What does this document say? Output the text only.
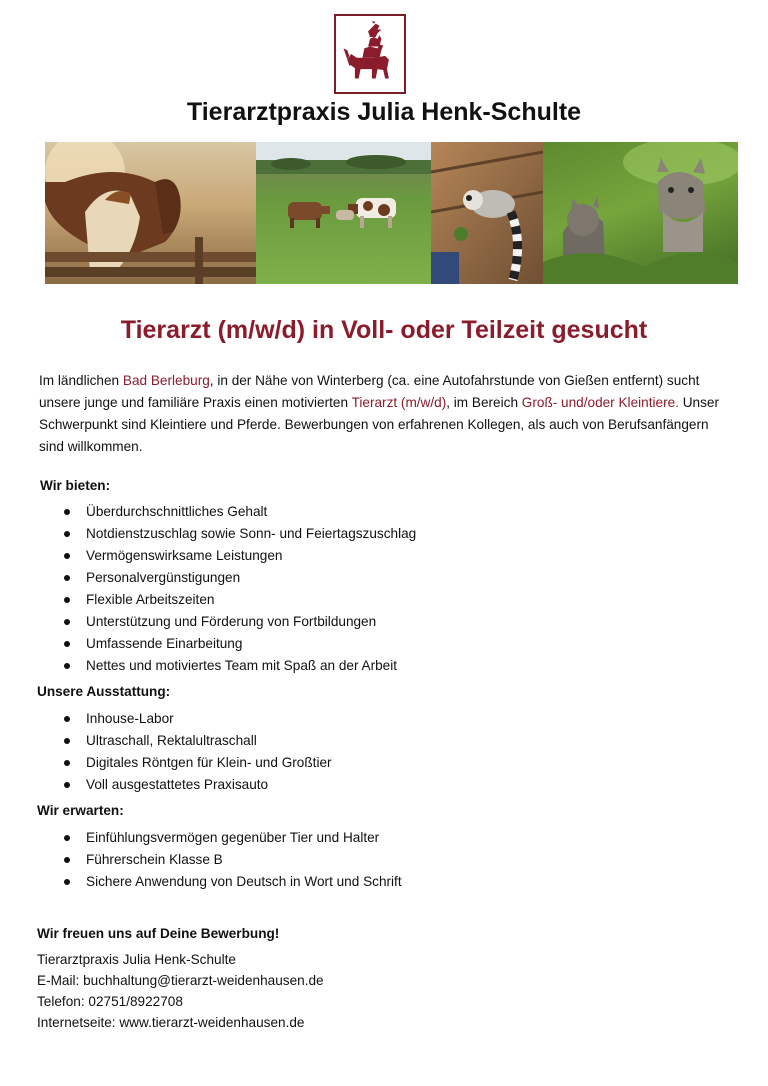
Tierarztpraxis Julia Henk-Schulte
Tierarzt (m/w/d) in Voll- oder Teilzeit gesucht
Im ländlichen Bad Berleburg, in der Nähe von Winterberg (ca. eine Autofahrstunde von Gießen entfernt) sucht unsere junge und familiäre Praxis einen motivierten Tierarzt (m/w/d), im Bereich Groß- und/oder Kleintiere. Unser Schwerpunkt sind Kleintiere und Pferde. Bewerbungen von erfahrenen Kollegen, als auch von Berufsanfängern sind willkommen.
Wir bieten:
Überdurchschnittliches Gehalt
Notdienstzuschlag sowie Sonn- und Feiertagszuschlag
Vermögenswirksame Leistungen
Personalvergünstigungen
Flexible Arbeitszeiten
Unterstützung und Förderung von Fortbildungen
Umfassende Einarbeitung
Nettes und motiviertes Team mit Spaß an der Arbeit
Unsere Ausstattung:
Inhouse-Labor
Ultraschall, Rektalultraschall
Digitales Röntgen für Klein- und Großtier
Voll ausgestattetes Praxisauto
Wir erwarten:
Einfühlungsvermögen gegenüber Tier und Halter
Führerschein Klasse B
Sichere Anwendung von Deutsch in Wort und Schrift
Wir freuen uns auf Deine Bewerbung!
Tierarztpraxis Julia Henk-Schulte
E-Mail: buchhaltung@tierarzt-weidenhausen.de
Telefon: 02751/8922708
Internetseite: www.tierarzt-weidenhausen.de
